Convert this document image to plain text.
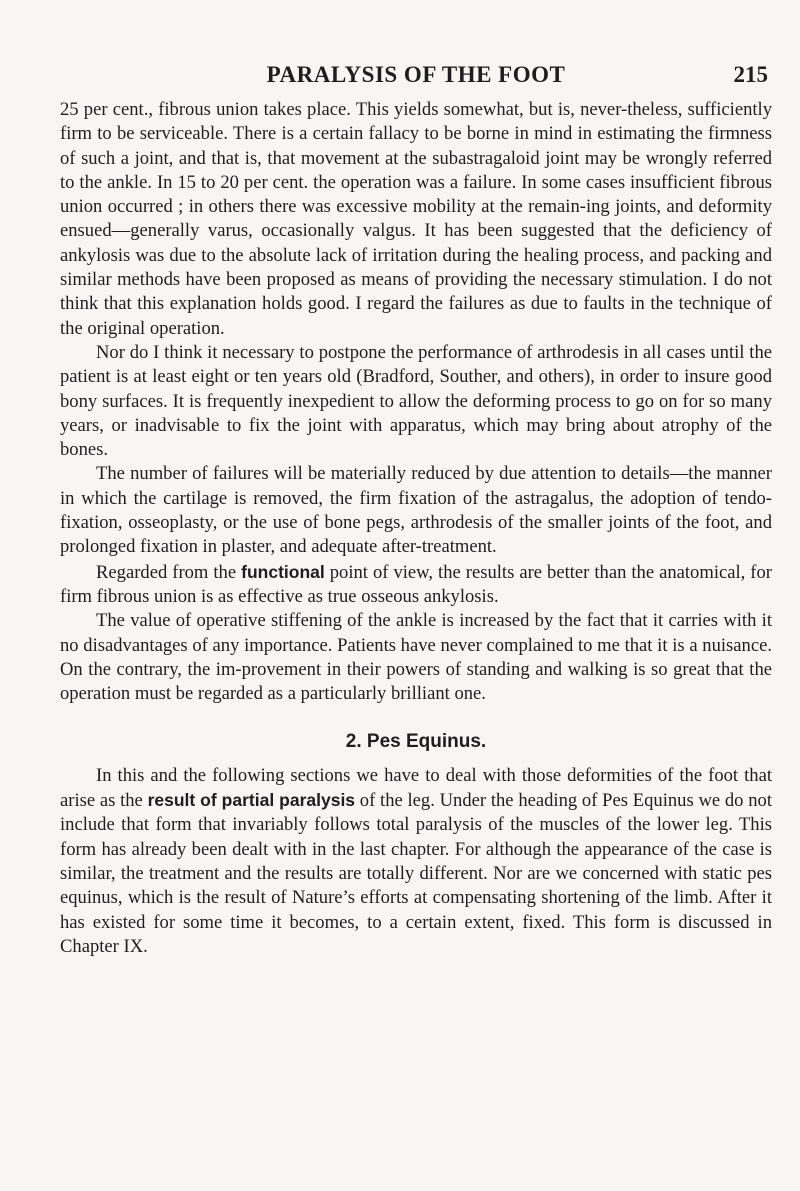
PARALYSIS OF THE FOOT	215

25 per cent., fibrous union takes place. This yields somewhat, but is, never-theless, sufficiently firm to be serviceable. There is a certain fallacy to be borne in mind in estimating the firmness of such a joint, and that is, that movement at the subastragaloid joint may be wrongly referred to the ankle. In 15 to 20 per cent. the operation was a failure. In some cases insufficient fibrous union occurred ; in others there was excessive mobility at the remain-ing joints, and deformity ensued—generally varus, occasionally valgus. It has been suggested that the deficiency of ankylosis was due to the absolute lack of irritation during the healing process, and packing and similar methods have been proposed as means of providing the necessary stimulation. I do not think that this explanation holds good. I regard the failures as due to faults in the technique of the original operation.

Nor do I think it necessary to postpone the performance of arthrodesis in all cases until the patient is at least eight or ten years old (Bradford, Souther, and others), in order to insure good bony surfaces. It is frequently inexpedient to allow the deforming process to go on for so many years, or inadvisable to fix the joint with apparatus, which may bring about atrophy of the bones.

The number of failures will be materially reduced by due attention to details—the manner in which the cartilage is removed, the firm fixation of the astragalus, the adoption of tendo-fixation, osseoplasty, or the use of bone pegs, arthrodesis of the smaller joints of the foot, and prolonged fixation in plaster, and adequate after-treatment.

Regarded from the functional point of view, the results are better than the anatomical, for firm fibrous union is as effective as true osseous ankylosis.

The value of operative stiffening of the ankle is increased by the fact that it carries with it no disadvantages of any importance. Patients have never complained to me that it is a nuisance. On the contrary, the im-provement in their powers of standing and walking is so great that the operation must be regarded as a particularly brilliant one.

2. Pes Equinus.

In this and the following sections we have to deal with those deformities of the foot that arise as the result of partial paralysis of the leg. Under the heading of Pes Equinus we do not include that form that invariably follows total paralysis of the muscles of the lower leg. This form has already been dealt with in the last chapter. For although the appearance of the case is similar, the treatment and the results are totally different. Nor are we concerned with static pes equinus, which is the result of Nature’s efforts at compensating shortening of the limb. After it has existed for some time it becomes, to a certain extent, fixed. This form is discussed in Chapter IX.
